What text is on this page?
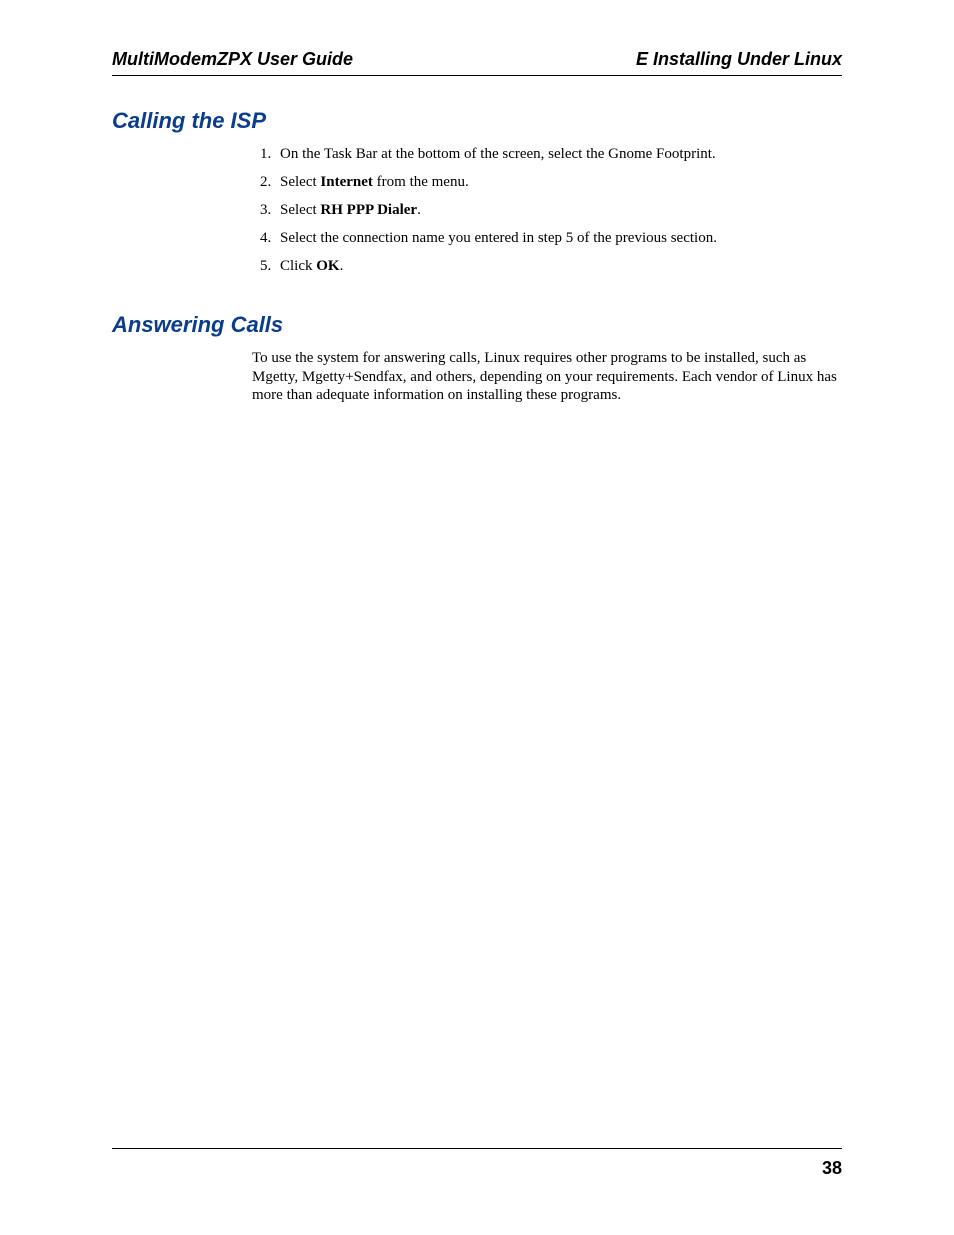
MultiModemZPX User Guide	E Installing Under Linux
Calling the ISP
1. On the Task Bar at the bottom of the screen, select the Gnome Footprint.
2. Select Internet from the menu.
3. Select RH PPP Dialer.
4. Select the connection name you entered in step 5 of the previous section.
5. Click OK.
Answering Calls

To use the system for answering calls, Linux requires other programs to be installed, such as Mgetty, Mgetty+Sendfax, and others, depending on your requirements. Each vendor of Linux has more than adequate information on installing these programs.

38
